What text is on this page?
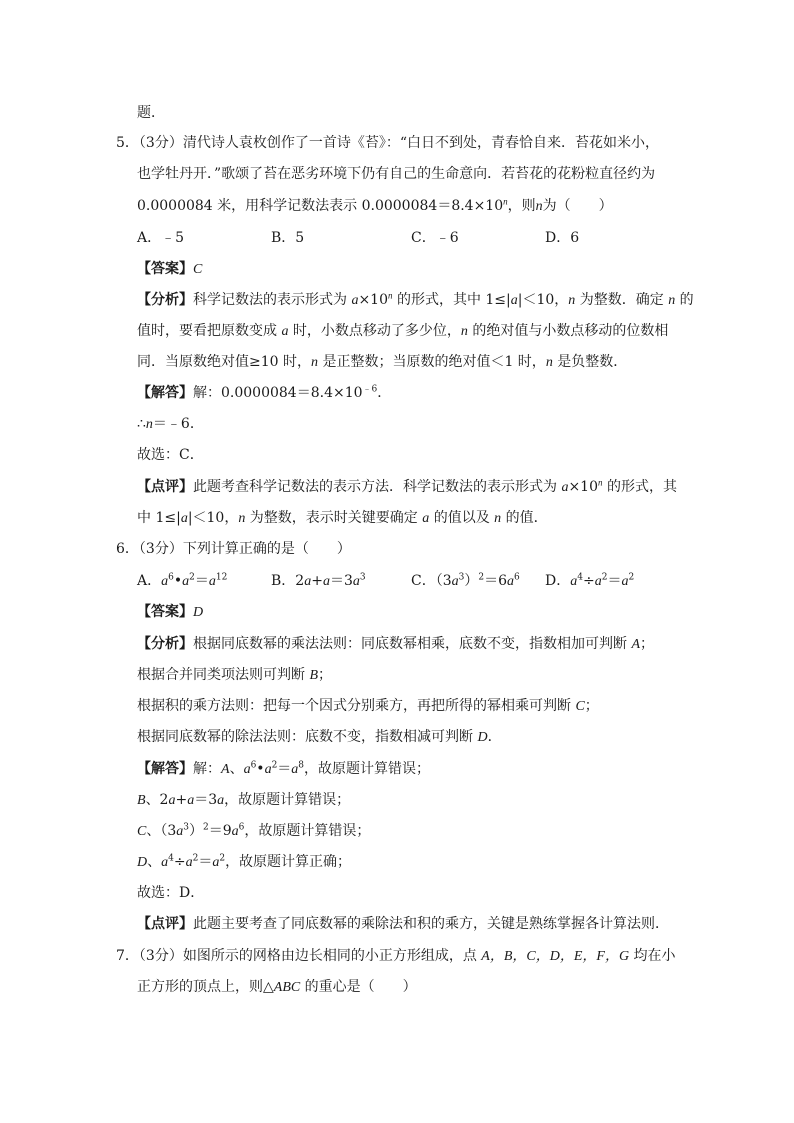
题．
5．（3分）清代诗人袁枚创作了一首诗《苔》：“白日不到处，青春恰自来．苔花如米小，
也学牡丹开．”歌颂了苔在恶劣环境下仍有自己的生命意向．若苔花的花粉粒直径约为
0.0000084 米，用科学记数法表示 $0.0000084=8.4\times 10^n$，则n为（　　）
A．﹣5	B．5	C．﹣6	D．6
【答案】C
【分析】科学记数法的表示形式为 $a\times 10^n$ 的形式，其中 1≤|a|＜10，n 为整数．确定 n 的
值时，要看把原数变成 a 时，小数点移动了多少位，n 的绝对值与小数点移动的位数相
同．当原数绝对值≥10 时，n 是正整数；当原数的绝对值＜1 时，n 是负整数．
【解答】解：$0.0000084=8.4\times 10^{﹣6}$．
∴n＝﹣6．
故选：C．
【点评】此题考查科学记数法的表示方法．科学记数法的表示形式为 $a\times 10^n$ 的形式，其
中 1≤|a|＜10，n 为整数，表示时关键要确定 a 的值以及 n 的值．
6．（3分）下列计算正确的是（　　）
A．$a^6•a^2=a^{12}$	B．$2a+a=3a^3$	C．$(3a^3)^2=6a^6$ D．$a^4\div a^2=a^2$
【答案】D
【分析】根据同底数幂的乘法法则：同底数幂相乘，底数不变，指数相加可判断 A；
根据合并同类项法则可判断 B；
根据积的乘方法则：把每一个因式分别乘方，再把所得的幂相乘可判断 C；
根据同底数幂的除法法则：底数不变，指数相减可判断 D．
【解答】解：A、$a^6•a^2=a^8$，故原题计算错误；
B、2a+a＝3a，故原题计算错误；
C、$(3a^3)^2=9a^6$，故原题计算错误；
D、$a^4\div a^2=a^2$，故原题计算正确；
故选：D．
【点评】此题主要考查了同底数幂的乘除法和积的乘方，关键是熟练掌握各计算法则．
7．（3分）如图所示的网格由边长相同的小正方形组成，点 A，B，C，D，E，F，G 均在小
正方形的顶点上，则△ABC 的重心是（　　）
